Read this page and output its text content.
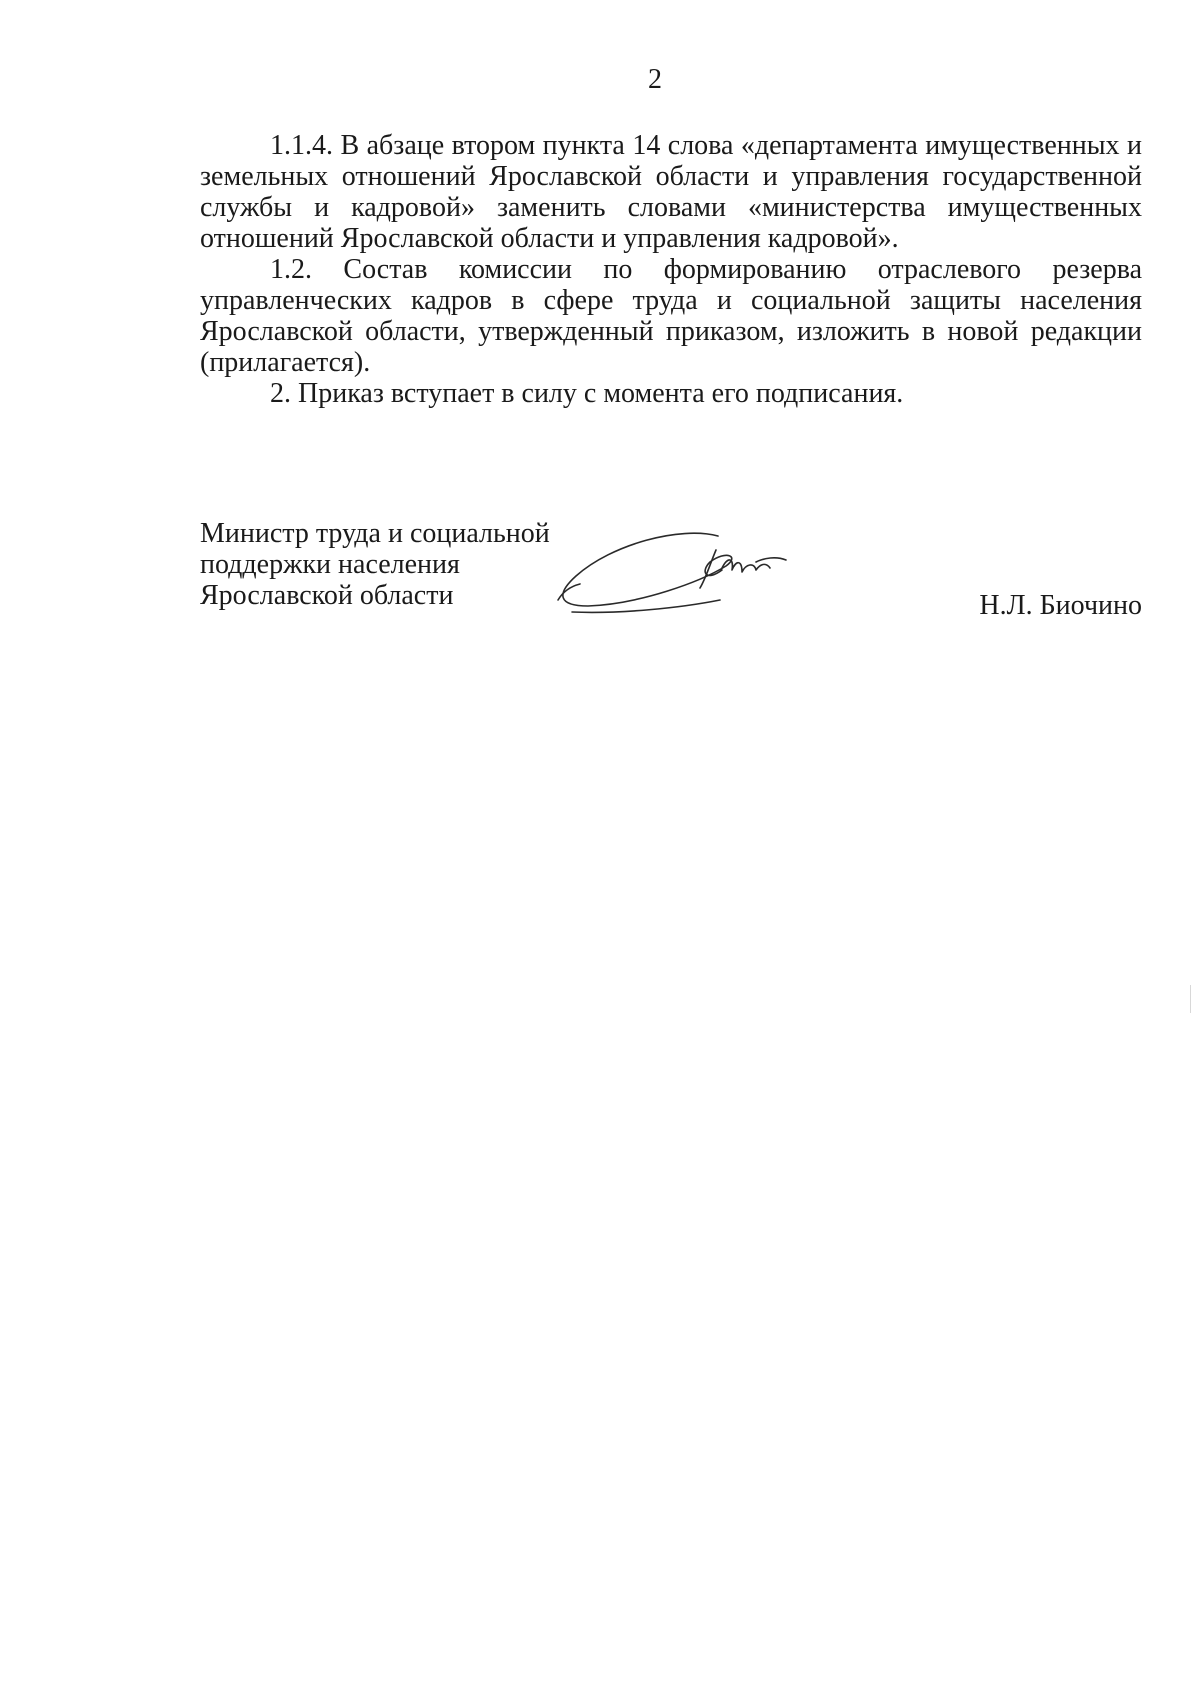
2

1.1.4. В абзаце втором пункта 14 слова «департамента имущественных и земельных отношений Ярославской области и управления государственной службы и кадровой» заменить словами «министерства имущественных отношений Ярославской области и управления кадровой».

1.2. Состав комиссии по формированию отраслевого резерва управленческих кадров в сфере труда и социальной защиты населения Ярославской области, утвержденный приказом, изложить в новой редакции (прилагается).

2. Приказ вступает в силу с момента его подписания.

Министр труда и социальной
поддержки населения
Ярославской области	Н.Л. Биочино
